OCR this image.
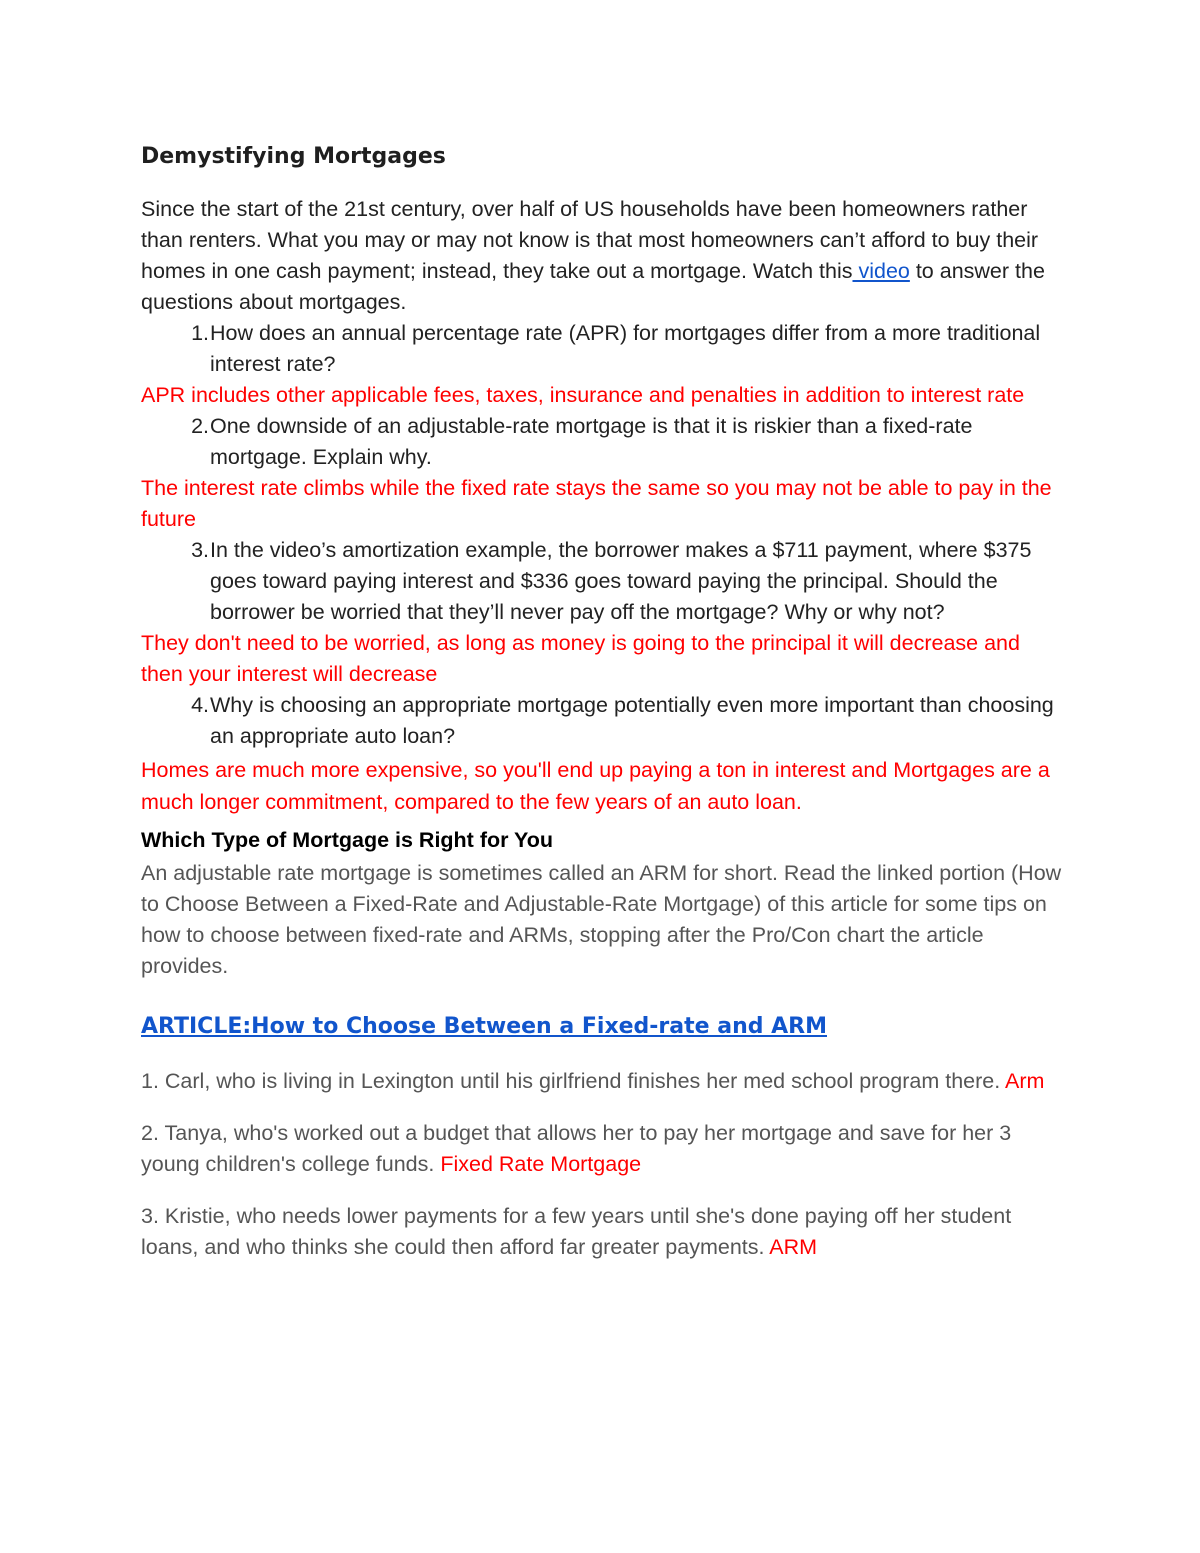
Demystifying Mortgages

Since the start of the 21st century, over half of US households have been homeowners rather than renters. What you may or may not know is that most homeowners can’t afford to buy their homes in one cash payment; instead, they take out a mortgage. Watch this video to answer the questions about mortgages.

1. How does an annual percentage rate (APR) for mortgages differ from a more traditional interest rate?

APR includes other applicable fees, taxes, insurance and penalties in addition to interest rate

2. One downside of an adjustable-rate mortgage is that it is riskier than a fixed-rate mortgage. Explain why.

The interest rate climbs while the fixed rate stays the same so you may not be able to pay in the future

3. In the video’s amortization example, the borrower makes a $711 payment, where $375 goes toward paying interest and $336 goes toward paying the principal. Should the borrower be worried that they’ll never pay off the mortgage? Why or why not?

They don't need to be worried, as long as money is going to the principal it will decrease and then your interest will decrease

4. Why is choosing an appropriate mortgage potentially even more important than choosing an appropriate auto loan?

Homes are much more expensive, so you'll end up paying a ton in interest and Mortgages are a much longer commitment, compared to the few years of an auto loan.

Which Type of Mortgage is Right for You

An adjustable rate mortgage is sometimes called an ARM for short. Read the linked portion (How to Choose Between a Fixed-Rate and Adjustable-Rate Mortgage) of this article for some tips on how to choose between fixed-rate and ARMs, stopping after the Pro/Con chart the article provides.

ARTICLE:How to Choose Between a Fixed-rate and ARM

1. Carl, who is living in Lexington until his girlfriend finishes her med school program there. Arm

2. Tanya, who's worked out a budget that allows her to pay her mortgage and save for her 3 young children's college funds. Fixed Rate Mortgage

3. Kristie, who needs lower payments for a few years until she's done paying off her student loans, and who thinks she could then afford far greater payments. ARM
